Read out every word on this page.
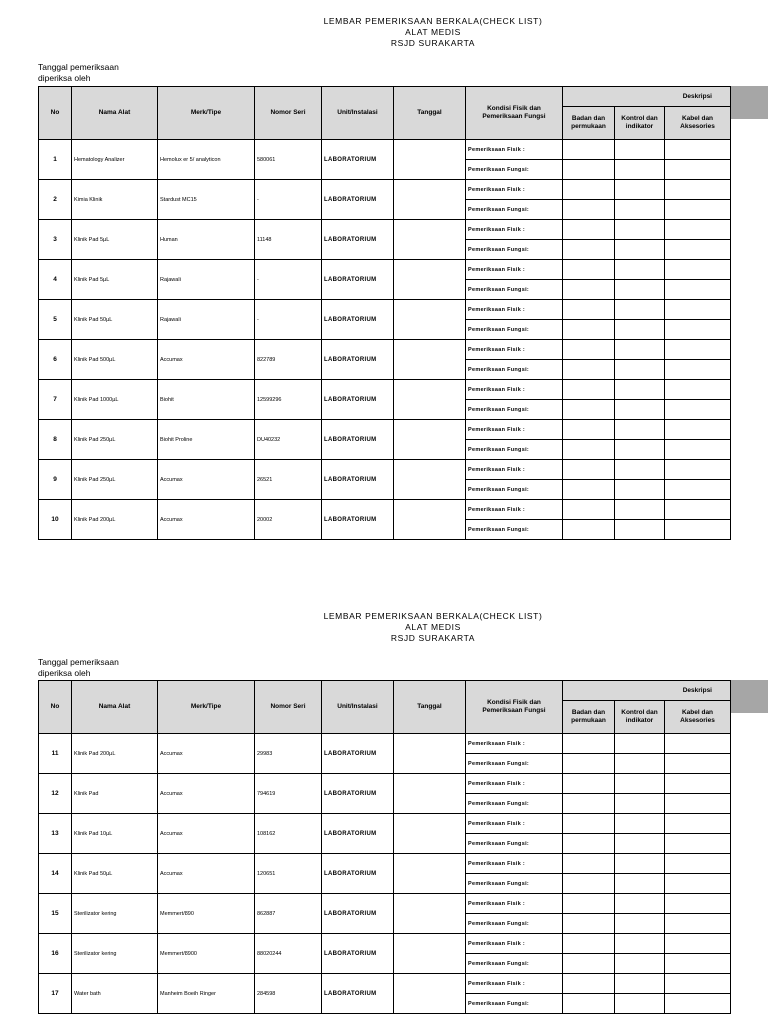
LEMBAR PEMERIKSAAN BERKALA(CHECK LIST)
ALAT MEDIS
RSJD SURAKARTA
Tanggal pemeriksaan
diperiksa oleh
No	Nama Alat	Merk/Tipe	Nomor Seri	Unit/Instalasi	Tanggal	Kondisi Fisik dan Pemeriksaan Fungsi	Deskripsi		
							Badan dan permukaan	Kontrol dan indikator	Kabel dan Aksesories
1	Hematology Analizer	Hemolux er 5/ analyticon	580061	LABORATORIUM		Pemeriksaan Fisik :			
						Pemeriksaan Fungsi:			
2	Kimia Klinik	Stardust MC15	-	LABORATORIUM		Pemeriksaan Fisik :			
						Pemeriksaan Fungsi:			
3	Klinik Pad 5µL	Human	11148	LABORATORIUM		Pemeriksaan Fisik :			
						Pemeriksaan Fungsi:			
4	Klinik Pad 5µL	Rajawali	-	LABORATORIUM		Pemeriksaan Fisik :			
						Pemeriksaan Fungsi:			
5	Klinik Pad 50µL	Rajawali	-	LABORATORIUM		Pemeriksaan Fisik :			
						Pemeriksaan Fungsi:			
6	Klinik Pad 500µL	Accumax	822789	LABORATORIUM		Pemeriksaan Fisik :			
						Pemeriksaan Fungsi:			
7	Klinik Pad 1000µL	Biohit	12599296	LABORATORIUM		Pemeriksaan Fisik :			
						Pemeriksaan Fungsi:			
8	Klinik Pad 250µL	Biohit Proline	DU40232	LABORATORIUM		Pemeriksaan Fisik :			
						Pemeriksaan Fungsi:			
9	Klinik Pad 250µL	Accumax	26521	LABORATORIUM		Pemeriksaan Fisik :			
						Pemeriksaan Fungsi:			
10	Klinik Pad 200µL	Accumax	20002	LABORATORIUM		Pemeriksaan Fisik :			
						Pemeriksaan Fungsi:			
LEMBAR PEMERIKSAAN BERKALA(CHECK LIST)
ALAT MEDIS
RSJD SURAKARTA
Tanggal pemeriksaan
diperiksa oleh
No	Nama Alat	Merk/Tipe	Nomor Seri	Unit/Instalasi	Tanggal	Kondisi Fisik dan Pemeriksaan Fungsi	Deskripsi		
							Badan dan permukaan	Kontrol dan indikator	Kabel dan Aksesories
11	Klinik Pad 200µL	Accumax	29983	LABORATORIUM		Pemeriksaan Fisik :			
						Pemeriksaan Fungsi:			
12	Klinik Pad	Accumax	794619	LABORATORIUM		Pemeriksaan Fisik :			
						Pemeriksaan Fungsi:			
13	Klinik Pad 10µL	Accumax	108162	LABORATORIUM		Pemeriksaan Fisik :			
						Pemeriksaan Fungsi:			
14	Klinik Pad 50µL	Accumax	120651	LABORATORIUM		Pemeriksaan Fisik :			
						Pemeriksaan Fungsi:			
15	Sterilizator kering	Memmert/890	862887	LABORATORIUM		Pemeriksaan Fisik :			
						Pemeriksaan Fungsi:			
16	Sterilizator kering	Memmert/8900	88020244	LABORATORIUM		Pemeriksaan Fisik :			
						Pemeriksaan Fungsi:			
17	Water bath	Manheim Boeih Ringer	284598	LABORATORIUM		Pemeriksaan Fisik :			
						Pemeriksaan Fungsi:			
